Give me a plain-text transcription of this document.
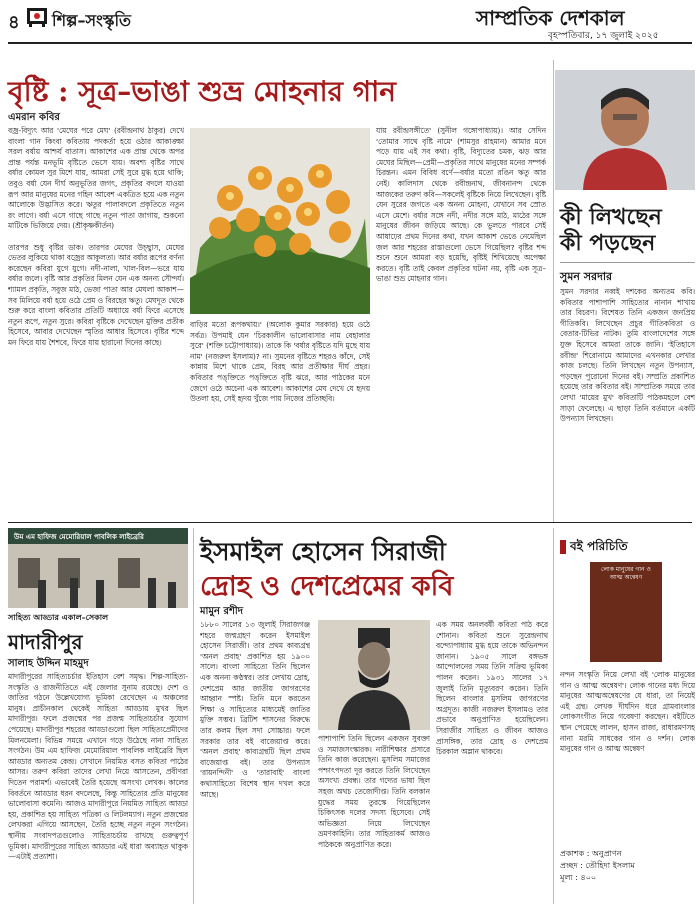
৪ শিল্প–সংস্কৃতি	সাম্প্রতিক দেশকাল
বৃহস্পতিবার, ১৭ জুলাই ২০২৫
বৃষ্টি : সূত্র–ভাঙা শুভ্র মোহনার গান
এমরান কবির
বজ্র-বিদ্যুৎ আর 'মেঘের পরে মেঘ' (রবীন্দ্রনাথ ঠাকুর) দেখে বাংলা গান কিংবা কবিতায় পদকর্তা হয়ে ওঠার আকাঙ্ক্ষা সরল বর্ষায় আশ্চর্য বাতাস। আকাশের এক প্রান্ত থেকে অপর প্রান্ত পর্যন্ত মনভূমি বৃষ্টিতে ভেসে যায়। অবশ্য বৃষ্টির সাথে বর্ষার কোমল সুর মিশে যায়, আমরা সেই সুরে মুগ্ধ হয়ে থাকি; তবুও বর্ষা যেন দীর্ঘ অনুভূতির জগৎ, প্রকৃতির বদলে যাওয়া রূপ আর মানুষের মনের গহিন আবেশ একত্রিত হয়ে এক নতুন আলোকে উদ্ভাসিত করে। ঋতুর পালাবদলে প্রকৃতিতে নতুন রং লাগে। বর্ষা এসে গাছে গাছে নতুন পাতা জাগায়, শুকনো মাটিকে ভিজিয়ে দেয়। (শ্রীকৃষ্ণকীর্তন)

তারপর শুধু বৃষ্টির ডাক। তারপর মেঘের উচ্ছ্বাস, মেঘের ভেতর লুকিয়ে থাকা বজ্রের আকুলতা। আর বর্ষার রূপের বর্ণনা করেছেন কবিরা যুগে যুগে। নদী-নালা, খাল-বিল—ভরে যায় বর্ষার জলে। বৃষ্টি আর প্রকৃতির মিলন যেন এক অনন্য সৌন্দর্য। শ্যামল প্রকৃতি, সবুজ মাঠ, ভেজা পাতা আর মেঘলা আকাশ—সব মিলিয়ে বর্ষা হয়ে ওঠে প্রেম ও বিরহের ঋতু। মেঘদূত থেকে শুরু করে বাংলা কবিতার প্রতিটি অধ্যায়ে বর্ষা ফিরে এসেছে নতুন রূপে, নতুন সুরে। কবিরা বৃষ্টিকে দেখেছেন মুক্তির প্রতীক হিসেবে, আবার দেখেছেন স্মৃতির আধার হিসেবে। বৃষ্টির শব্দে মন ফিরে যায় শৈশবে, ফিরে যায় হারানো দিনের কাছে।
বাড়ির মতো রূপকথায়।' (অলোক কুমার সরকার) হয়ে ওঠে সর্বত্র। উপমাই যেন 'চিরকালীন ভালোবাসার নাম বেহালার সুরে' (শক্তি চট্টোপাধ্যায়)। তাকে কি 'বর্ষার বৃষ্টিতে যদি মুছে যায় নাম' (নজরুল ইসলাম)? না। সুমনের বৃষ্টিতে শহরও কাঁদে, সেই কান্নায় মিশে থাকে প্রেম, বিরহ আর প্রতীক্ষার দীর্ঘ প্রহর। কবিতার পঙ্‌ক্তিতে পঙ্‌ক্তিতে বৃষ্টি ঝরে, আর পাঠকের মনে জেগে ওঠে অচেনা এক আবেশ। আকাশের মেঘ দেখে যে হৃদয় উতলা হয়, সেই হৃদয় খুঁজে পায় নিজের প্রতিচ্ছবি।
যায় রবীন্দ্রসঙ্গীতে' (সুনীল গঙ্গোপাধ্যায়)। আর সেদিন 'তোমার সাথে বৃষ্টি নামে' (শামসুর রাহমান) আমার মনে পড়ে যায় এই সব কথা। বৃষ্টি, বিদ্যুতের চমক, ঝড় আর মেঘের মিছিল—প্রেমী—প্রকৃতির সাথে মানুষের মনের সম্পর্ক চিরন্তন। এমন বিবিধ বর্ণে—বর্ষার মতো রঙিন ঋতু আর নেই। কালিদাস থেকে রবীন্দ্রনাথ, জীবনানন্দ থেকে আজকের তরুণ কবি—সকলেই বৃষ্টিকে নিয়ে লিখেছেন। বৃষ্টি যেন সুরের জগতে এক অনন্য মোহনা, যেখানে সব স্রোত এসে মেশে। বর্ষার সঙ্গে নদী, নদীর সঙ্গে মাঠ, মাঠের সঙ্গে মানুষের জীবন জড়িয়ে আছে। কে ভুলতে পারবে সেই আষাঢ়ের প্রথম দিনের কথা, যখন আকাশ ভেঙে নেমেছিল জল আর শহরের রাস্তাগুলো ভেসে গিয়েছিল? বৃষ্টির শব্দ শুনে শুনে আমরা বড় হয়েছি, বৃষ্টিই শিখিয়েছে অপেক্ষা করতে। বৃষ্টি তাই কেবল প্রকৃতির ঘটনা নয়, বৃষ্টি এক সূত্র–ভাঙা শুভ্র মোহনার গান।
কী লিখছেন
কী পড়ছেন
সুমন সরদার
সুমন সরদার নব্বই দশকের অন্যতম কবি। কবিতার পাশাপাশি সাহিত্যের নানান শাখায় তার বিচরণ। বিশেষত তিনি একজন জনপ্রিয় গীতিকবি। লিখেছেন প্রচুর গীতিকবিতা ও বেতার-টিভির নাটক। তুমি বাংলাদেশের সঙ্গে যুক্ত হিসেবে আমরা তাকে জানি। 'ইতিহাসে রবীন্দ্র' শিরোনামে আমাদের এখনকার লেখার কাজ চলছে। তিনি লিখছেন নতুন উপন্যাস, পড়ছেন পুরোনো দিনের বই। সম্প্রতি প্রকাশিত হয়েছে তার কবিতার বই। সাম্প্রতিক সময়ে তার লেখা 'মায়ের মুখ' কবিতাটি পাঠকমহলে বেশ সাড়া ফেলেছে। এ ছাড়া তিনি বর্তমানে একটি উপন্যাস লিখছেন।
উম এম হাফিজ মেমোরিয়াল পাবলিক লাইব্রেরি
সাহিত্য আড্ডার একাল–সেকাল
মাদারীপুর
সালাহ উদ্দিন মাহমুদ
মাদারীপুরের সাহিত্যচর্চার ইতিহাস বেশ সমৃদ্ধ। শিল্প-সাহিত্য-সংস্কৃতি ও রাজনীতিতে এই জেলার সুনাম রয়েছে। দেশ ও জাতির গঠনে উল্লেখযোগ্য ভূমিকা রেখেছেন এ অঞ্চলের মানুষ। প্রাচীনকাল থেকেই সাহিত্য আড্ডায় মুখর ছিল মাদারীপুর। ফলে প্রজন্মের পর প্রজন্ম সাহিত্যচর্চার সুযোগ পেয়েছে। মাদারীপুর শহরের আড্ডাগুলো ছিল সাহিত্যপ্রেমীদের মিলনমেলা। বিভিন্ন সময়ে এখানে গড়ে উঠেছে নানা সাহিত্য সংগঠন। উম এম হাফিজ মেমোরিয়াল পাবলিক লাইব্রেরি ছিল আড্ডার অন্যতম কেন্দ্র। সেখানে নিয়মিত বসত কবিতা পাঠের আসর। তরুণ কবিরা তাদের লেখা নিয়ে আসতেন, প্রবীণরা দিতেন পরামর্শ। এভাবেই তৈরি হয়েছে অসংখ্য লেখক। কালের বিবর্তনে আড্ডার ধরন বদলেছে, কিন্তু সাহিত্যের প্রতি মানুষের ভালোবাসা কমেনি। আজও মাদারীপুরে নিয়মিত সাহিত্য আড্ডা হয়, প্রকাশিত হয় সাহিত্য পত্রিকা ও লিটলম্যাগ। নতুন প্রজন্মের লেখকরা এগিয়ে আসছেন, তৈরি হচ্ছে নতুন নতুন সংগঠন। স্থানীয় সংবাদপত্রগুলোও সাহিত্যচর্চায় রাখছে গুরুত্বপূর্ণ ভূমিকা। মাদারীপুরের সাহিত্য আড্ডার এই ধারা অব্যাহত থাকুক—এটাই প্রত্যাশা।
ইসমাইল হোসেন সিরাজী
দ্রোহ ও দেশপ্রেমের কবি
মামুন রশীদ
১৮৮০ সালের ১৩ জুলাই সিরাজগঞ্জ শহরে জন্মগ্রহণ করেন ইসমাইল হোসেন সিরাজী। তার প্রথম কাব্যগ্রন্থ 'অনল প্রবাহ' প্রকাশিত হয় ১৯০০ সালে। বাংলা সাহিত্যে তিনি ছিলেন এক অনন্য কণ্ঠস্বর। তার লেখায় দ্রোহ, দেশপ্রেম আর জাতীয় জাগরণের আহ্বান স্পষ্ট। তিনি মনে করতেন শিক্ষা ও সাহিত্যের মাধ্যমেই জাতির মুক্তি সম্ভব। ব্রিটিশ শাসনের বিরুদ্ধে তার কলম ছিল সদা সোচ্চার। ফলে সরকার তার বই বাজেয়াপ্ত করে। 'অনল প্রবাহ' কাব্যগ্রন্থটি ছিল প্রথম বাজেয়াপ্ত বই। তার উপন্যাস 'রায়নন্দিনী' ও 'তারাবাই' বাংলা কথাসাহিত্যে বিশেষ স্থান দখল করে আছে।
পাশাপাশি তিনি ছিলেন একজন সুবক্তা ও সমাজসংস্কারক। নারীশিক্ষার প্রসারে তিনি কাজ করেছেন। মুসলিম সমাজের পশ্চাৎপদতা দূর করতে তিনি লিখেছেন অসংখ্য প্রবন্ধ। তার গদ্যের ভাষা ছিল সহজ অথচ তেজোদীপ্ত। তিনি বলকান যুদ্ধের সময় তুরস্কে গিয়েছিলেন চিকিৎসক দলের সদস্য হিসেবে। সেই অভিজ্ঞতা নিয়ে লিখেছেন ভ্রমণকাহিনি। তার সাহিত্যকর্ম আজও পাঠককে অনুপ্রাণিত করে।
এক সময় অনলবর্ষী কবিতা পাঠ করে শোনান। কবিতা শুনে সুরেন্দ্রনাথ বন্দ্যোপাধ্যায় মুগ্ধ হয়ে তাকে অভিনন্দন জানান। ১৯০৫ সালে বঙ্গভঙ্গ আন্দোলনের সময় তিনি সক্রিয় ভূমিকা পালন করেন। ১৯৩১ সালের ১৭ জুলাই তিনি মৃত্যুবরণ করেন। তিনি ছিলেন বাংলার মুসলিম জাগরণের অগ্রদূত। কাজী নজরুল ইসলামও তার প্রভাবে অনুপ্রাণিত হয়েছিলেন। সিরাজীর সাহিত্য ও জীবন আজও প্রাসঙ্গিক, তার দ্রোহ ও দেশপ্রেম চিরকাল অম্লান থাকবে।
বই পরিচিতি
লোক মানুষের গান ও আত্ম অন্বেষণ
নন্দন সংস্কৃতি নিয়ে লেখা বই 'লোক মানুষের গান ও আত্ম অন্বেষণ'। লোক গানের মধ্য দিয়ে মানুষের আত্মঅন্বেষণের যে ধারা, তা নিয়েই এই গ্রন্থ। লেখক দীর্ঘদিন ধরে গ্রামবাংলার লোকসংগীত নিয়ে গবেষণা করছেন। বইটিতে স্থান পেয়েছে লালন, হাসন রাজা, রাধারমণসহ নানা মরমি সাধকের গান ও দর্শন। লোক মানুষের গান ও আত্ম অন্বেষণ
প্রকাশক : অনুপ্রাণন
প্রচ্ছদ : তৌহিদা ইসলাম
মূল্য : ৪০০
